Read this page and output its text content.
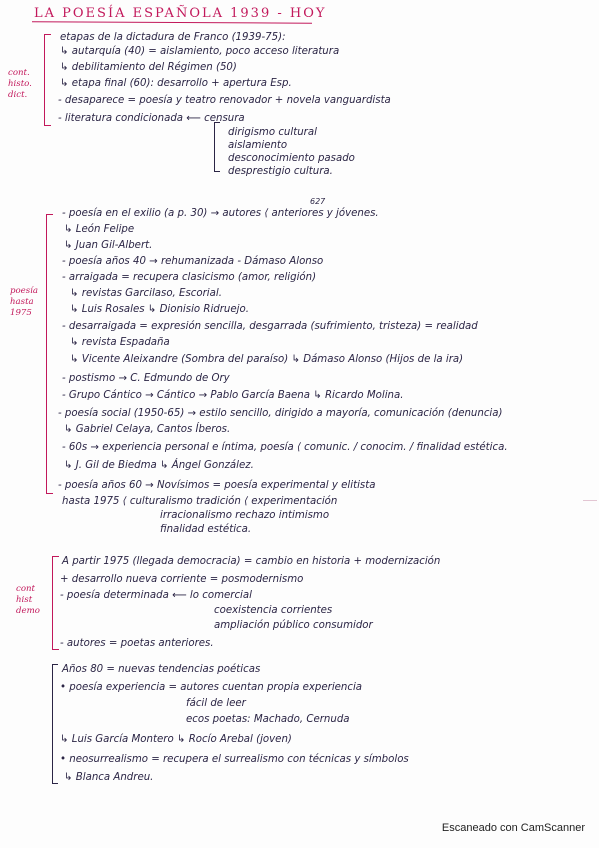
LA POESÍA ESPAÑOLA 1939 - HOY
cont.
histo.
dict.
etapas de la dictadura de Franco (1939-75):
↳ autarquía (40) = aislamiento, poco acceso literatura
↳ debilitamiento del Régimen (50)
↳ etapa final (60): desarrollo + apertura Esp.
- desaparece = poesía y teatro renovador + novela vanguardista
- literatura condicionada ⟵ censura
dirigismo cultural
aislamiento
desconocimiento pasado
desprestigio cultura.
627
poesía
hasta
1975
- poesía en el exilio (a p. 30) → autores ⟨ anteriores y jóvenes.
↳ León Felipe
↳ Juan Gil-Albert.
- poesía años 40 → rehumanizada - Dámaso Alonso
- arraigada = recupera clasicismo (amor, religión)
↳ revistas Garcilaso, Escorial.
↳ Luis Rosales ↳ Dionisio Ridruejo.
- desarraigada = expresión sencilla, desgarrada (sufrimiento, tristeza) = realidad
↳ revista Espadaña
↳ Vicente Aleixandre (Sombra del paraíso) ↳ Dámaso Alonso (Hijos de la ira)
- postismo → C. Edmundo de Ory
- Grupo Cántico → Cántico → Pablo García Baena ↳ Ricardo Molina.
- poesía social (1950-65) → estilo sencillo, dirigido a mayoría, comunicación (denuncia)
↳ Gabriel Celaya, Cantos Íberos.
- 60s → experiencia personal e íntima, poesía ⟨ comunic. / conocim. / finalidad estética.
↳ J. Gil de Biedma ↳ Ángel González.
- poesía años 60 → Novísimos = poesía experimental y elitista
hasta 1975 ⟨ culturalismo tradición ⟨ experimentación
irracionalismo rechazo intimismo
finalidad estética.
cont
hist
demo
A partir 1975 (llegada democracia) = cambio en historia + modernización
+ desarrollo nueva corriente = posmodernismo
- poesía determinada ⟵ lo comercial
coexistencia corrientes
ampliación público consumidor
- autores = poetas anteriores.
Años 80 = nuevas tendencias poéticas
• poesía experiencia = autores cuentan propia experiencia
fácil de leer
ecos poetas: Machado, Cernuda
↳ Luis García Montero ↳ Rocío Arebal (joven)
• neosurrealismo = recupera el surrealismo con técnicas y símbolos
↳ Blanca Andreu.
Escaneado con CamScanner
